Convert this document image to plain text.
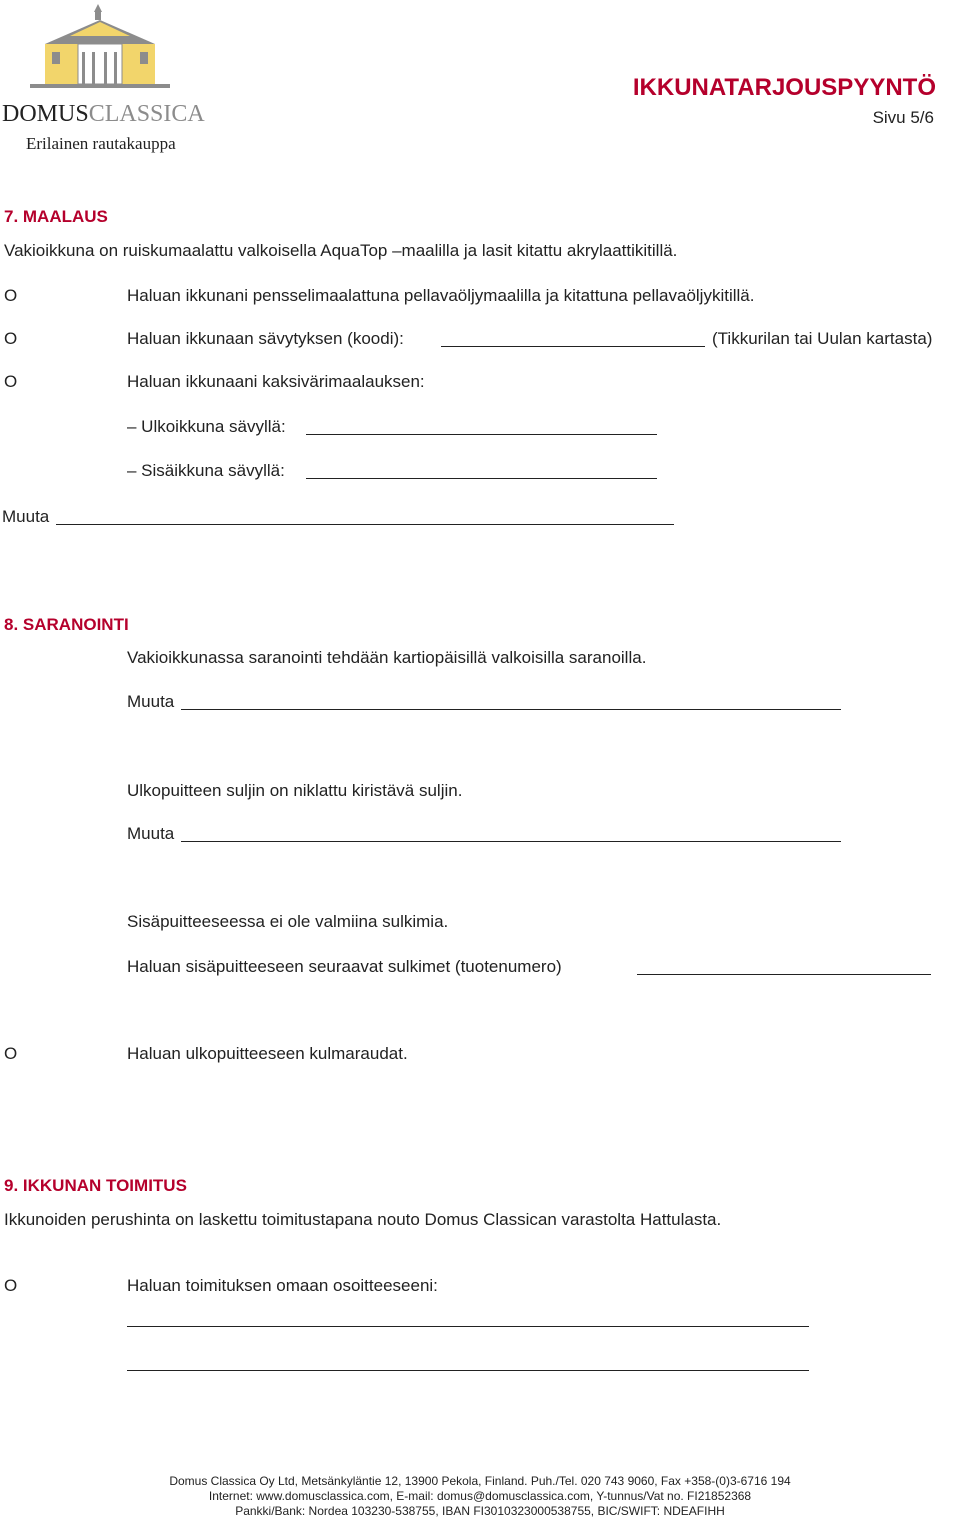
DOMUSCLASSICA
Erilainen rautakauppa
IKKUNATARJOUSPYYNTÖ
Sivu 5/6
7. MAALAUS
Vakioikkuna on ruiskumaalattu valkoisella AquaTop –maalilla ja lasit kitattu akrylaattikitillä.
O	Haluan ikkunani pensselimaalattuna pellavaöljymaalilla ja kitattuna pellavaöljykitillä.
O	Haluan ikkunaan sävytyksen (koodi):	(Tikkurilan tai Uulan kartasta)
O	Haluan ikkunaani kaksivärimaalauksen:
– Ulkoikkuna sävyllä:
– Sisäikkuna sävyllä:
Muuta
8. SARANOINTI
Vakioikkunassa saranointi tehdään kartiopäisillä valkoisilla saranoilla.
Muuta
Ulkopuitteen suljin on niklattu kiristävä suljin.
Muuta
Sisäpuitteeseessa ei ole valmiina sulkimia.
Haluan sisäpuitteeseen seuraavat sulkimet (tuotenumero)
O	Haluan ulkopuitteeseen kulmaraudat.
9. IKKUNAN TOIMITUS
Ikkunoiden perushinta on laskettu toimitustapana nouto Domus Classican varastolta Hattulasta.
O	Haluan toimituksen omaan osoitteeseeni:
Domus Classica Oy Ltd, Metsänkyläntie 12, 13900 Pekola, Finland. Puh./Tel. 020 743 9060, Fax +358-(0)3-6716 194
Internet: www.domusclassica.com, E-mail: domus@domusclassica.com, Y-tunnus/Vat no. FI21852368
Pankki/Bank: Nordea 103230-538755, IBAN FI3010323000538755, BIC/SWIFT: NDEAFIHH
